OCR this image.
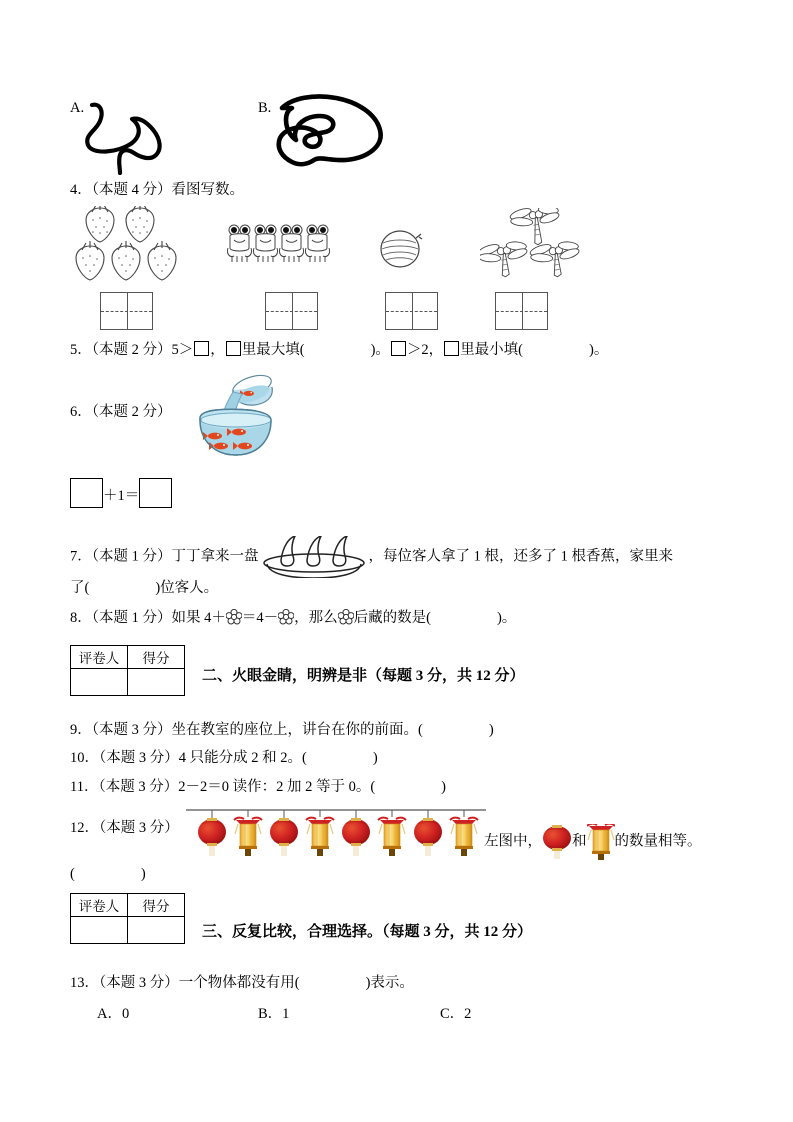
A.	B.
4．（本题 4 分）看图写数。
5．（本题 2 分）5＞ ， 里最大填(	)。 ＞2， 里最小填(	)。
6．（本题 2 分）
＋1＝
7．（本题 1 分）丁丁拿来一盘	，每位客人拿了 1 根，还多了 1 根香蕉，家里来
了(	)位客人。
8．（本题 1 分）如果 4＋ ＝4－ ，那么 后藏的数是(	)。
评卷人	得分

二、火眼金睛，明辨是非（每题 3 分，共 12 分）
9．（本题 3 分）坐在教室的座位上，讲台在你的前面。(	)
10．（本题 3 分）4 只能分成 2 和 2。(	)
11．（本题 3 分）2－2＝0 读作：2 加 2 等于 0。(	)
12．（本题 3 分）
左图中， 和 的数量相等。
(	)
评卷人	得分

三、反复比较，合理选择。（每题 3 分，共 12 分）
13．（本题 3 分）一个物体都没有用(	)表示。
A．0	B．1	C．2
